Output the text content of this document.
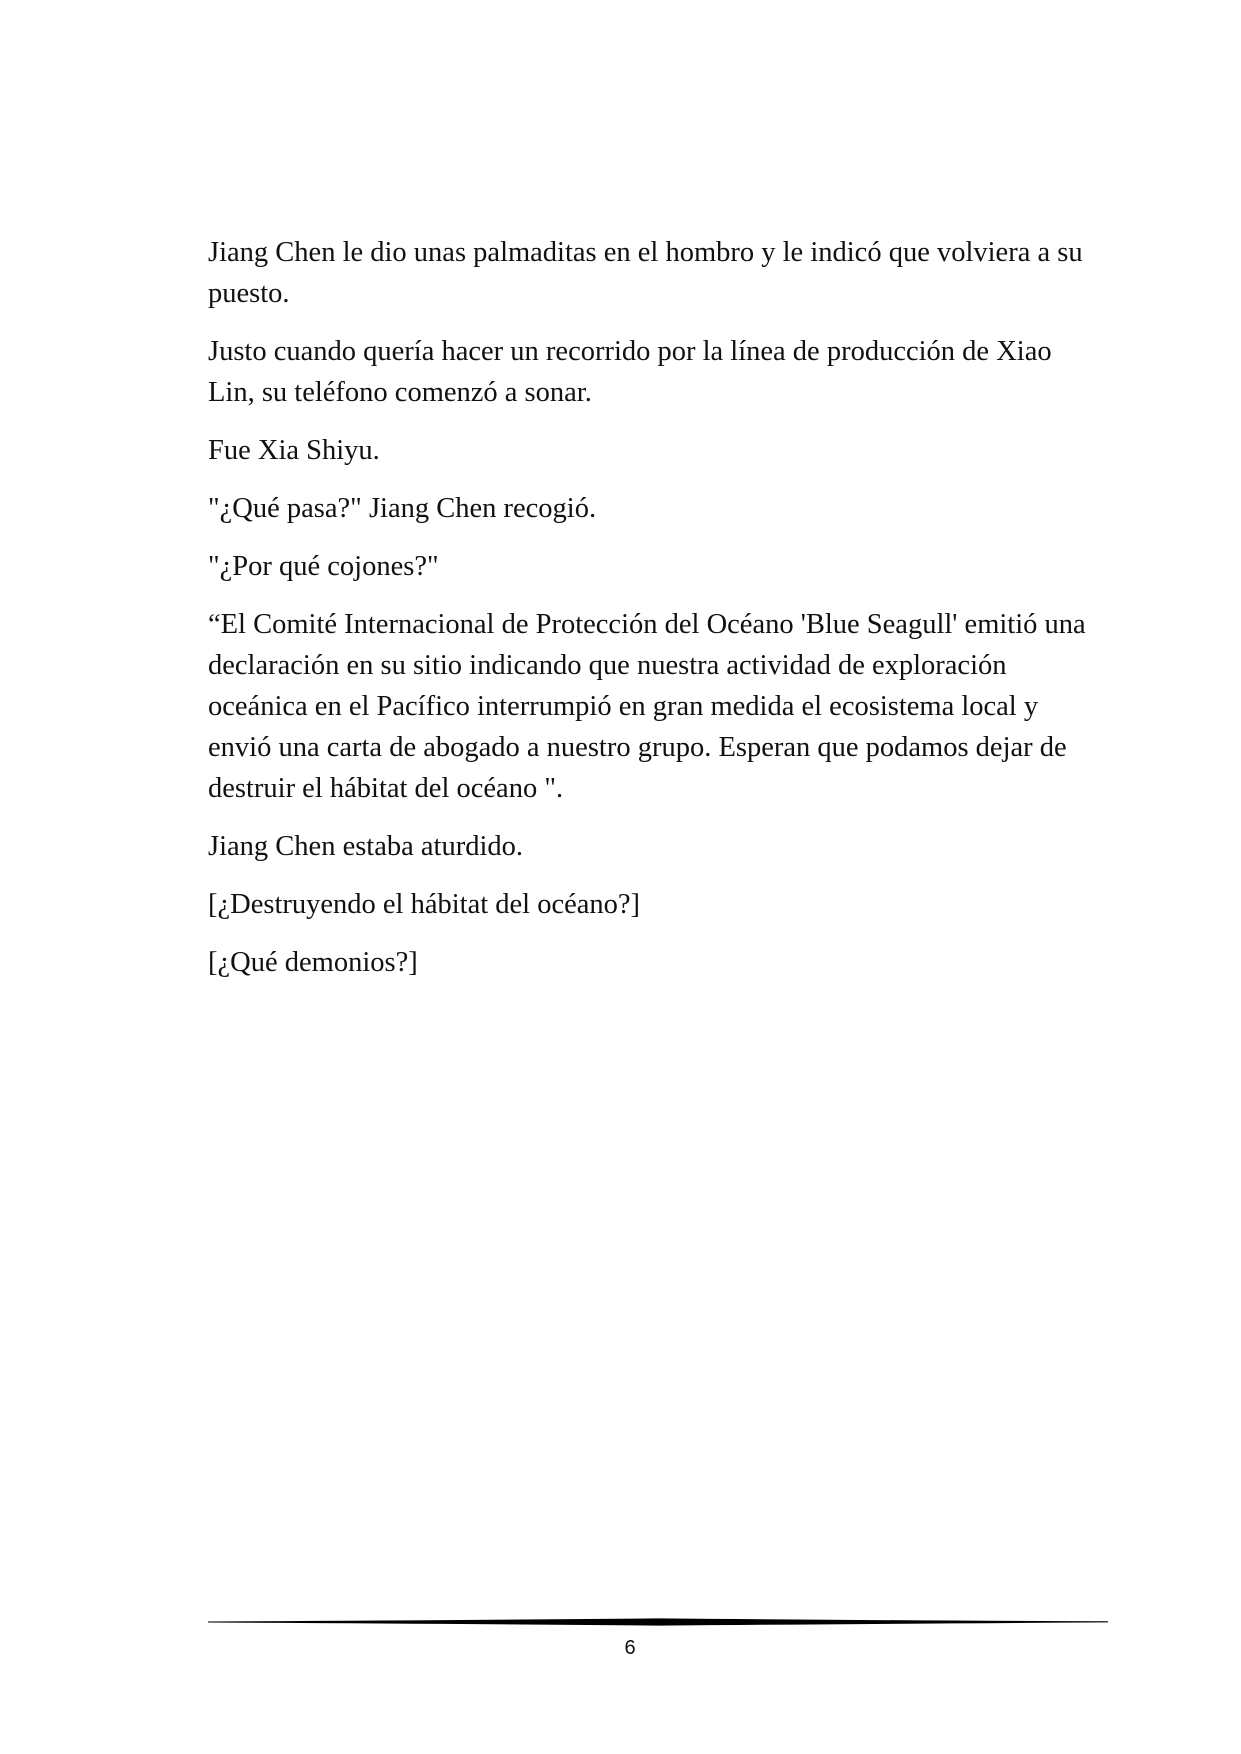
Jiang Chen le dio unas palmaditas en el hombro y le indicó que volviera a su puesto.

Justo cuando quería hacer un recorrido por la línea de producción de Xiao Lin, su teléfono comenzó a sonar.

Fue Xia Shiyu.

"¿Qué pasa?" Jiang Chen recogió.

"¿Por qué cojones?"

“El Comité Internacional de Protección del Océano 'Blue Seagull' emitió una declaración en su sitio indicando que nuestra actividad de exploración oceánica en el Pacífico interrumpió en gran medida el ecosistema local y envió una carta de abogado a nuestro grupo. Esperan que podamos dejar de destruir el hábitat del océano ".

Jiang Chen estaba aturdido.

[¿Destruyendo el hábitat del océano?]

[¿Qué demonios?]

6
